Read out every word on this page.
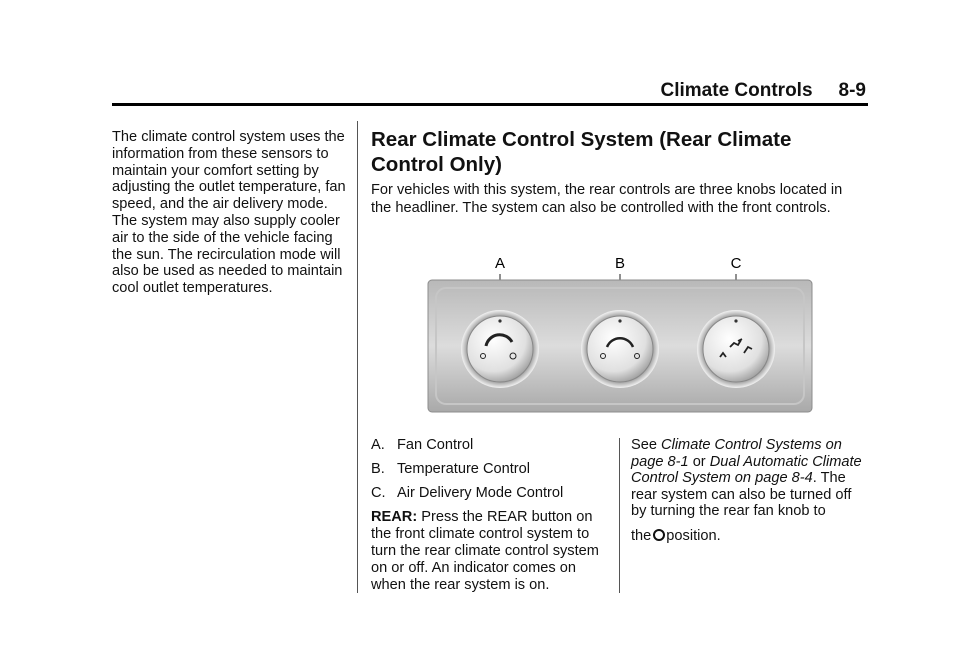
Climate Controls 8-9

The climate control system uses the information from these sensors to maintain your comfort setting by adjusting the outlet temperature, fan speed, and the air delivery mode. The system may also supply cooler air to the side of the vehicle facing the sun. The recirculation mode will also be used as needed to maintain cool outlet temperatures.

Rear Climate Control System (Rear Climate Control Only)

For vehicles with this system, the rear controls are three knobs located in the headliner. The system can also be controlled with the front controls.

A	B	C
A. Fan Control
B. Temperature Control
C. Air Delivery Mode Control

REAR: Press the REAR button on the front climate control system to turn the rear climate control system on or off. An indicator comes on when the rear system is on.

See Climate Control Systems on page 8-1 or Dual Automatic Climate Control System on page 8-4. The rear system can also be turned off by turning the rear fan knob to

the position.
